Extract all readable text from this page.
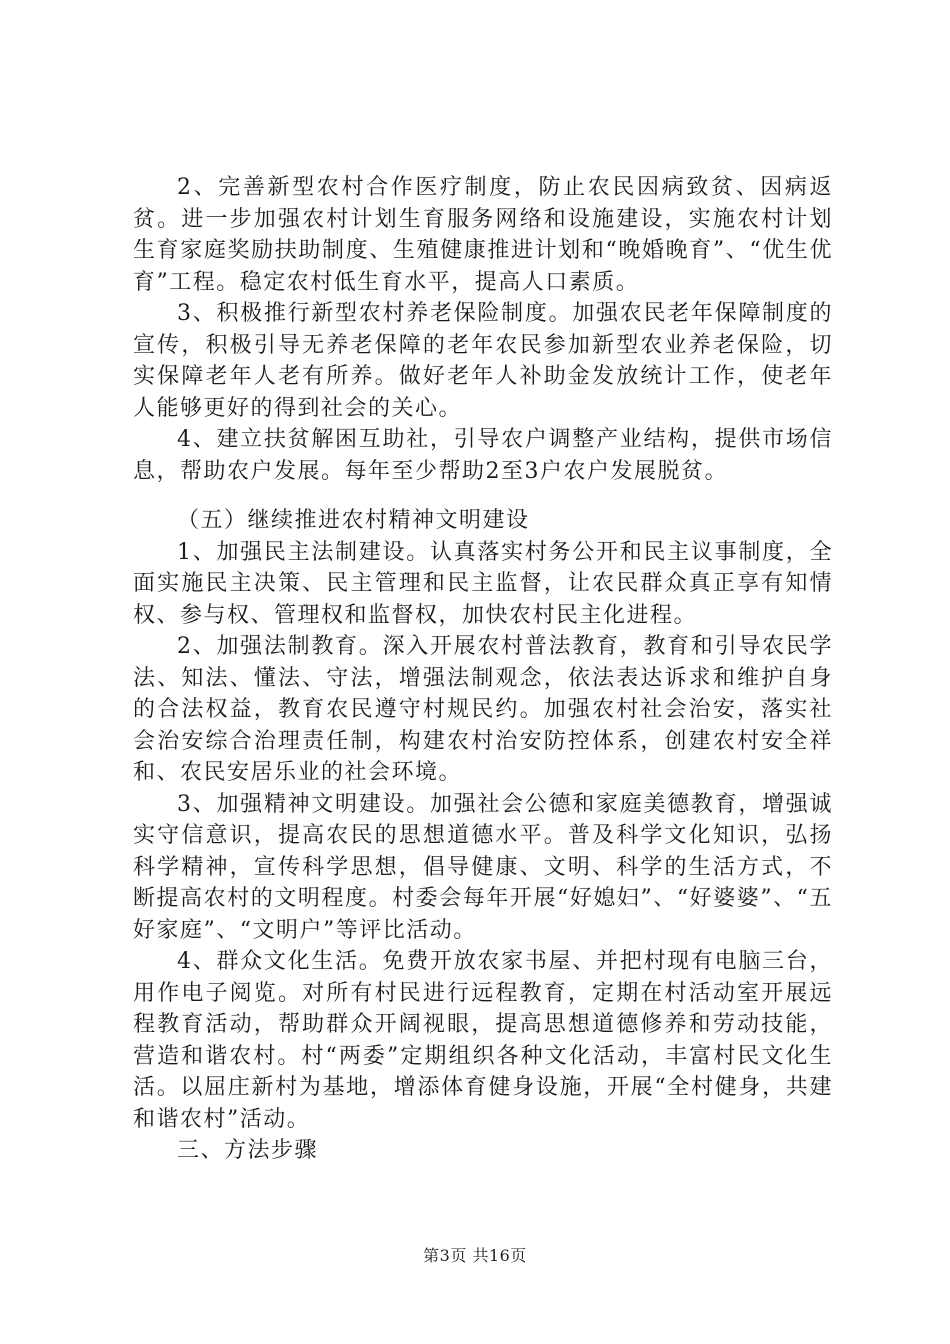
2、完善新型农村合作医疗制度，防止农民因病致贫、因病返贫。进一步加强农村计划生育服务网络和设施建设，实施农村计划生育家庭奖励扶助制度、生殖健康推进计划和“晚婚晚育”、“优生优育”工程。稳定农村低生育水平，提高人口素质。

3、积极推行新型农村养老保险制度。加强农民老年保障制度的宣传，积极引导无养老保障的老年农民参加新型农业养老保险，切实保障老年人老有所养。做好老年人补助金发放统计工作，使老年人能够更好的得到社会的关心。

4、建立扶贫解困互助社，引导农户调整产业结构，提供市场信息，帮助农户发展。每年至少帮助2至3户农户发展脱贫。

（五）继续推进农村精神文明建设

1、加强民主法制建设。认真落实村务公开和民主议事制度，全面实施民主决策、民主管理和民主监督，让农民群众真正享有知情权、参与权、管理权和监督权，加快农村民主化进程。

2、加强法制教育。深入开展农村普法教育，教育和引导农民学法、知法、懂法、守法，增强法制观念，依法表达诉求和维护自身的合法权益，教育农民遵守村规民约。加强农村社会治安，落实社会治安综合治理责任制，构建农村治安防控体系，创建农村安全祥和、农民安居乐业的社会环境。

3、加强精神文明建设。加强社会公德和家庭美德教育，增强诚实守信意识，提高农民的思想道德水平。普及科学文化知识，弘扬科学精神，宣传科学思想，倡导健康、文明、科学的生活方式，不断提高农村的文明程度。村委会每年开展“好媳妇”、“好婆婆”、“五好家庭”、“文明户”等评比活动。

4、群众文化生活。免费开放农家书屋、并把村现有电脑三台，用作电子阅览。对所有村民进行远程教育，定期在村活动室开展远程教育活动，帮助群众开阔视眼，提高思想道德修养和劳动技能，营造和谐农村。村“两委”定期组织各种文化活动，丰富村民文化生活。以屈庄新村为基地，增添体育健身设施，开展“全村健身，共建和谐农村”活动。

三、方法步骤

第3页 共16页
